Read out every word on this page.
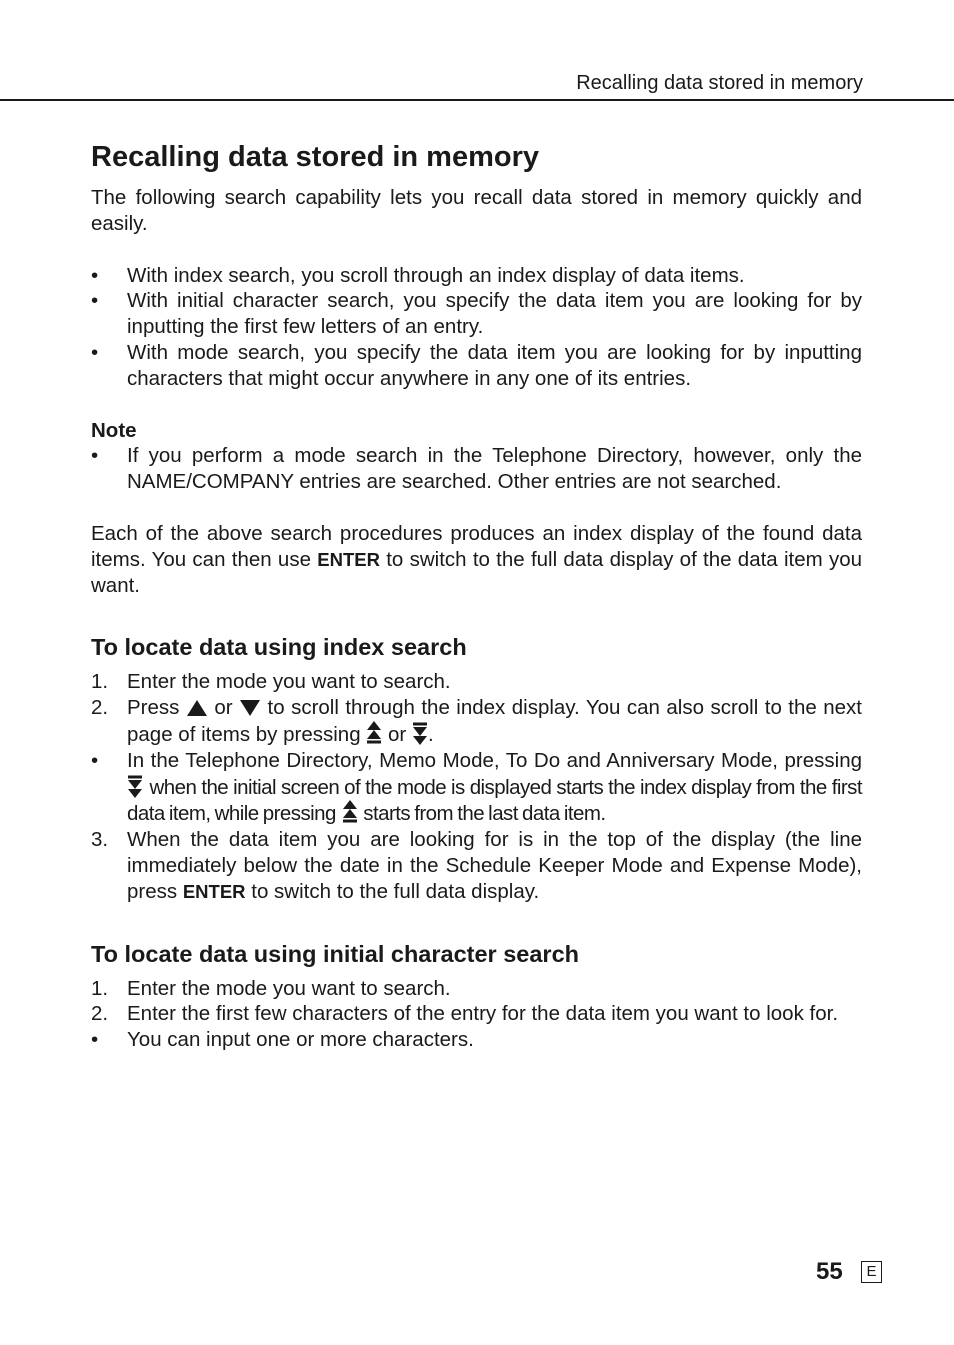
Recalling data stored in memory
Recalling data stored in memory

The following search capability lets you recall data stored in memory quickly and easily.

• With index search, you scroll through an index display of data items.
• With initial character search, you specify the data item you are looking for by inputting the first few letters of an entry.
• With mode search, you specify the data item you are looking for by inputting characters that might occur anywhere in any one of its entries.

Note

• If you perform a mode search in the Telephone Directory, however, only the NAME/COMPANY entries are searched. Other entries are not searched.

Each of the above search procedures produces an index display of the found data items. You can then use ENTER to switch to the full data display of the data item you want.

To locate data using index search
1. Enter the mode you want to search.
2. Press or to scroll through the index display. You can also scroll to the next page of items by pressing or .
• In the Telephone Directory, Memo Mode, To Do and Anniversary Mode, pressing  when the initial screen of the mode is displayed starts the index display from the first data item, while pressing starts from the last data item.
3. When the data item you are looking for is in the top of the display (the line immediately below the date in the Schedule Keeper Mode and Expense Mode), press ENTER to switch to the full data display.
To locate data using initial character search
1. Enter the mode you want to search.
2. Enter the first few characters of the entry for the data item you want to look for.
• You can input one or more characters.
55	E
